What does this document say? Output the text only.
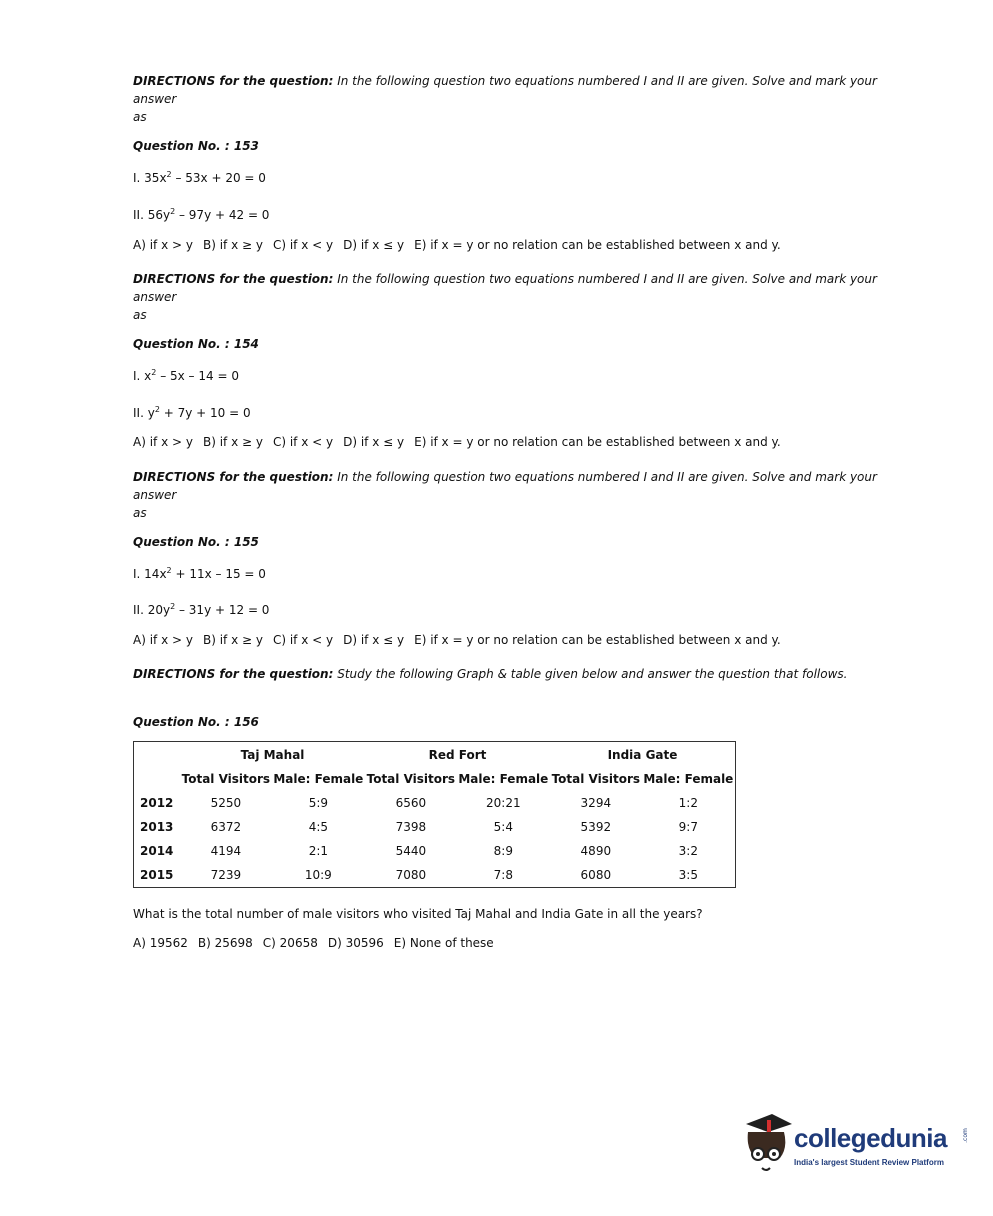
DIRECTIONS for the question: In the following question two equations numbered I and II are given. Solve and mark your answer
as
Question No. : 153
I. $35x^2 - 53x + 20 = 0$
II. $56y^2 - 97y + 42 = 0$
A) if x > y B) if x ≥ y C) if x < y D) if x ≤ y E) if x = y or no relation can be established between x and y.
DIRECTIONS for the question: In the following question two equations numbered I and II are given. Solve and mark your answer
as
Question No. : 154
I. $x^2 - 5x - 14 = 0$
II. $y^2 + 7y + 10 = 0$
A) if x > y B) if x ≥ y C) if x < y D) if x ≤ y E) if x = y or no relation can be established between x and y.
DIRECTIONS for the question: In the following question two equations numbered I and II are given. Solve and mark your answer
as
Question No. : 155
I. $14x^2 + 11x - 15 = 0$
II. $20y^2 - 31y + 12 = 0$
A) if x > y B) if x ≥ y C) if x < y D) if x ≤ y E) if x = y or no relation can be established between x and y.
DIRECTIONS for the question: Study the following Graph & table given below and answer the question that follows.
Question No. : 156
	Taj Mahal		Red Fort		India Gate	
	Total Visitors	Male: Female	Total Visitors	Male: Female	Total Visitors	Male: Female
2012	5250	5:9	6560	20:21	3294	1:2
2013	6372	4:5	7398	5:4	5392	9:7
2014	4194	2:1	5440	8:9	4890	3:2
2015	7239	10:9	7080	7:8	6080	3:5
What is the total number of male visitors who visited Taj Mahal and India Gate in all the years?
A) 19562 B) 25698 C) 20658 D) 30596 E) None of these
collegedunia .com
India's largest Student Review Platform
